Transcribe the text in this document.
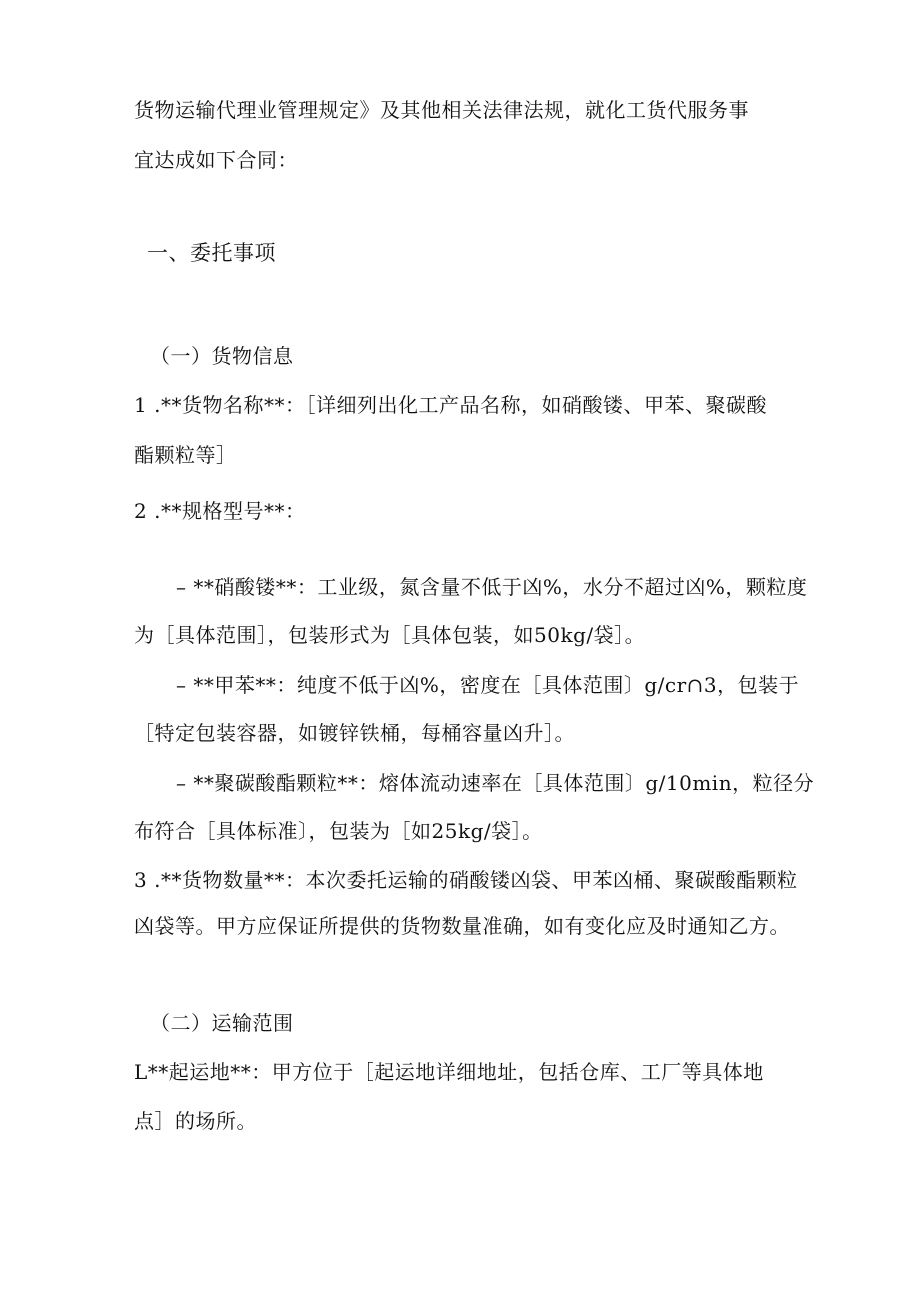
货物运输代理业管理规定》及其他相关法律法规，就化工货代服务事

宜达成如下合同：

一、委托事项

（一）货物信息

1 .**货物名称**：［详细列出化工产品名称，如硝酸镂、甲苯、聚碳酸

酯颗粒等］

2 .**规格型号**：

– **硝酸镂**：工业级，氮含量不低于凶%，水分不超过凶%，颗粒度

为［具体范围］，包装形式为［具体包装，如50kg/袋］。

– **甲苯**：纯度不低于凶%，密度在［具体范围〕g/cr∩3，包装于

［特定包装容器，如镀锌铁桶，每桶容量凶升］。

– **聚碳酸酯颗粒**：熔体流动速率在［具体范围〕g/10min，粒径分

布符合［具体标准〕，包装为［如25kg/袋］。

3 .**货物数量**：本次委托运输的硝酸镂凶袋、甲苯凶桶、聚碳酸酯颗粒

凶袋等。甲方应保证所提供的货物数量准确，如有变化应及时通知乙方。

（二）运输范围

L**起运地**：甲方位于［起运地详细地址，包括仓库、工厂等具体地

点］的场所。
